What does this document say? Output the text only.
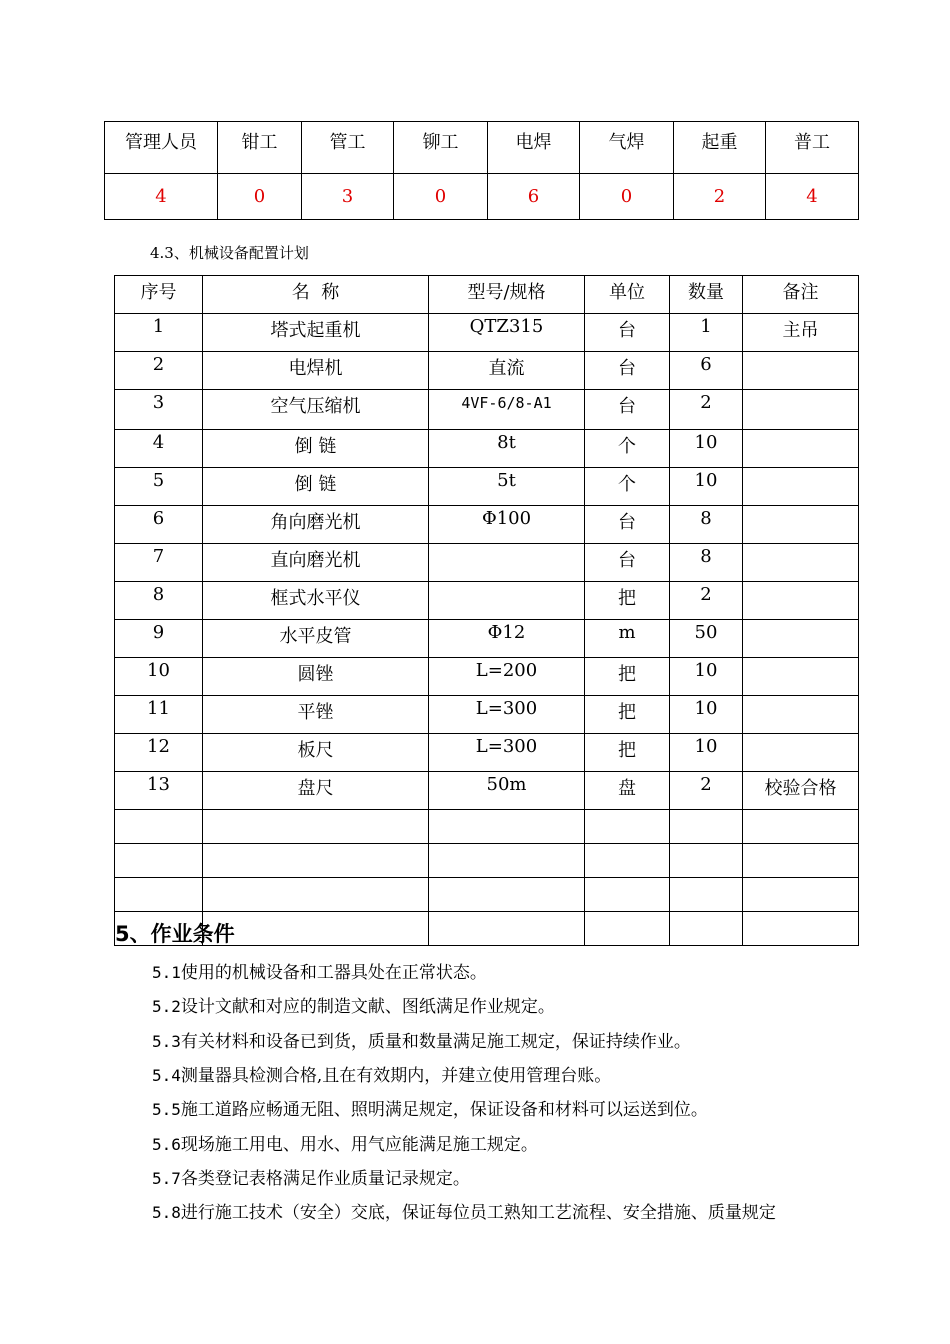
管理人员	钳工	管工	铆工	电焊	气焊	起重	普工
4	0	3	0	6	0	2	4
4.3、机械设备配置计划
序号	名  称	型号/规格	单位	数量	备注
1	塔式起重机	QTZ315	台	1	主吊
2	电焊机	直流	台	6	
3	空气压缩机	4VF-6/8-A1	台	2	
4	倒 链	8t	个	10	
5	倒 链	5t	个	10	
6	角向磨光机	Φ100	台	8	
7	直向磨光机		台	8	
8	框式水平仪		把	2	
9	水平皮管	Φ12	m	50	
10	圆锉	L=200	把	10	
11	平锉	L=300	把	10	
12	板尺	L=300	把	10	
13	盘尺	50m	盘	2	校验合格

5、作业条件
5.1使用的机械设备和工器具处在正常状态。
5.2设计文献和对应的制造文献、图纸满足作业规定。
5.3有关材料和设备已到货，质量和数量满足施工规定，保证持续作业。
5.4测量器具检测合格,且在有效期内，并建立使用管理台账。
5.5施工道路应畅通无阻、照明满足规定，保证设备和材料可以运送到位。
5.6现场施工用电、用水、用气应能满足施工规定。
5.7各类登记表格满足作业质量记录规定。
5.8进行施工技术（安全）交底，保证每位员工熟知工艺流程、安全措施、质量规定
